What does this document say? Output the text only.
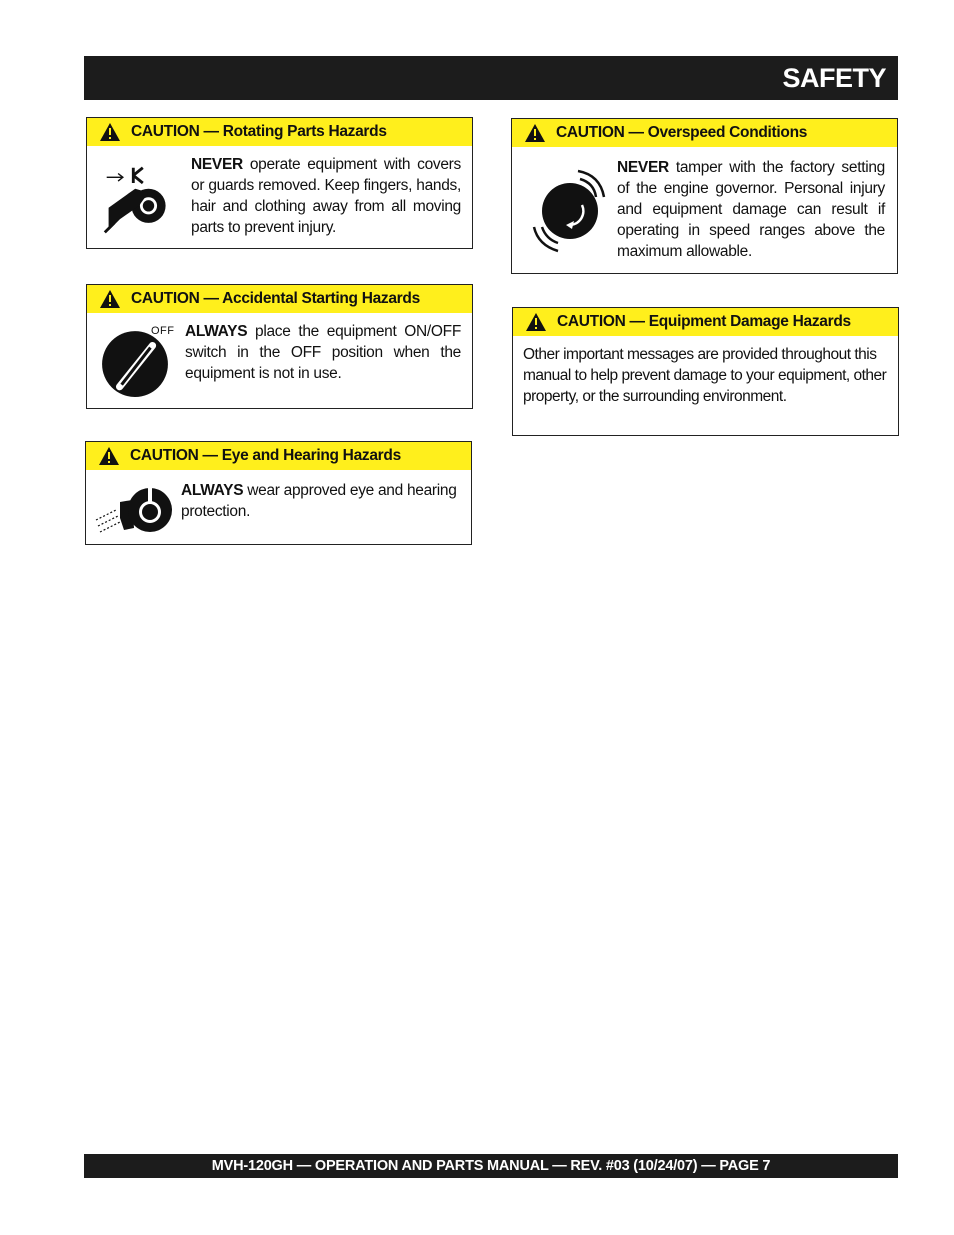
SAFETY
CAUTION — Rotating Parts Hazards
NEVER operate equipment with covers or guards removed. Keep fingers, hands, hair and clothing away from all moving parts to prevent injury.
CAUTION — Accidental Starting Hazards
OFF ALWAYS place the equipment ON/OFF switch in the OFF position when the equipment is not in use.
CAUTION — Eye and Hearing Hazards
ALWAYS wear approved eye and hearing protection.
CAUTION — Overspeed Conditions
NEVER tamper with the factory setting of the engine governor. Personal injury and equipment damage can result if operating in speed ranges above the maximum allowable.
CAUTION — Equipment Damage Hazards
Other important messages are provided throughout this manual to help prevent damage to your equipment, other property, or the surrounding environment.
MVH-120GH — OPERATION AND PARTS MANUAL — REV. #03 (10/24/07) — PAGE 7
